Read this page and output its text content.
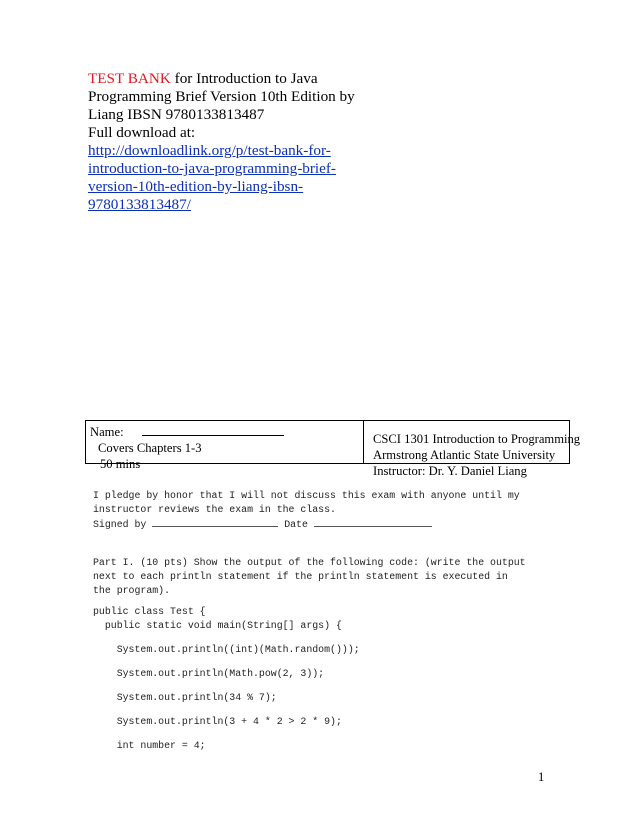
TEST BANK for Introduction to Java
Programming Brief Version 10th Edition by
Liang IBSN 9780133813487
Full download at:
http://downloadlink.org/p/test-bank-for-
introduction-to-java-programming-brief-
version-10th-edition-by-liang-ibsn-
9780133813487/
Name:
Covers Chapters 1-3
50 mins
CSCI 1301 Introduction to Programming
Armstrong Atlantic State University
Instructor: Dr. Y. Daniel Liang
I pledge by honor that I will not discuss this exam with anyone until my
instructor reviews the exam in the class.
Signed by	Date
Part I. (10 pts) Show the output of the following code: (write the output
next to each println statement if the println statement is executed in
the program).
public class Test {
public static void main(String[] args) {
System.out.println((int)(Math.random()));
System.out.println(Math.pow(2, 3));
System.out.println(34 % 7);
System.out.println(3 + 4 * 2 > 2 * 9);
int number = 4;
1
